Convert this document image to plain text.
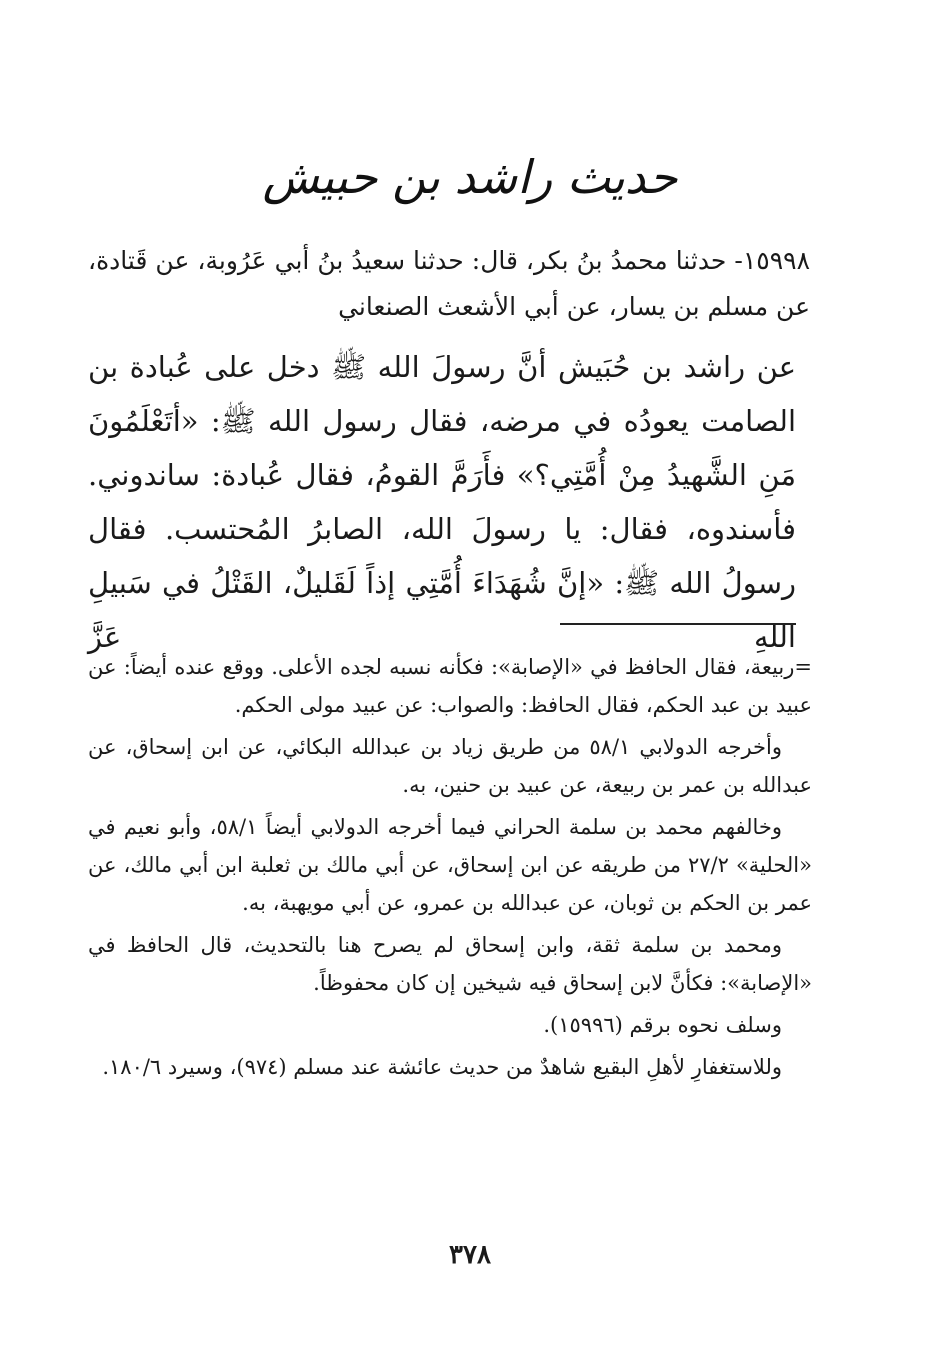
حديث راشد بن حبيش

١٥٩٩٨- حدثنا محمدُ بنُ بكر، قال: حدثنا سعيدُ بنُ أبي عَرُوبة، عن قَتادة، عن مسلم بن يسار، عن أبي الأشعث الصنعاني

عن راشد بن حُبَيش أنَّ رسولَ الله ﷺ دخل على عُبادة بن الصامت يعودُه في مرضه، فقال رسول الله ﷺ: «أتَعْلَمُونَ مَنِ الشَّهيدُ مِنْ أُمَّتِي؟» فأَرَمَّ القومُ، فقال عُبادة: ساندوني. فأسندوه، فقال: يا رسولَ الله، الصابرُ المُحتسب. فقال رسولُ الله ﷺ: «إنَّ شُهَدَاءَ أُمَّتِي إذاً لَقَليلٌ، القَتْلُ في سَبيلِ اللهِ عَزَّ

=ربيعة، فقال الحافظ في «الإصابة»: فكأنه نسبه لجده الأعلى. ووقع عنده أيضاً: عن عبيد بن عبد الحكم، فقال الحافظ: والصواب: عن عبيد مولى الحكم.

وأخرجه الدولابي ٥٨/١ من طريق زياد بن عبدالله البكائي، عن ابن إسحاق، عن عبدالله بن عمر بن ربيعة، عن عبيد بن حنين، به.

وخالفهم محمد بن سلمة الحراني فيما أخرجه الدولابي أيضاً ٥٨/١، وأبو نعيم في «الحلية» ٢٧/٢ من طريقه عن ابن إسحاق، عن أبي مالك بن ثعلبة ابن أبي مالك، عن عمر بن الحكم بن ثوبان، عن عبدالله بن عمرو، عن أبي مويهبة، به.

ومحمد بن سلمة ثقة، وابن إسحاق لم يصرح هنا بالتحديث، قال الحافظ في «الإصابة»: فكأنَّ لابن إسحاق فيه شيخين إن كان محفوظاً.

وسلف نحوه برقم (١٥٩٩٦).

وللاستغفارِ لأهلِ البقيع شاهدٌ من حديث عائشة عند مسلم (٩٧٤)، وسيرد ١٨٠/٦.

٣٧٨
